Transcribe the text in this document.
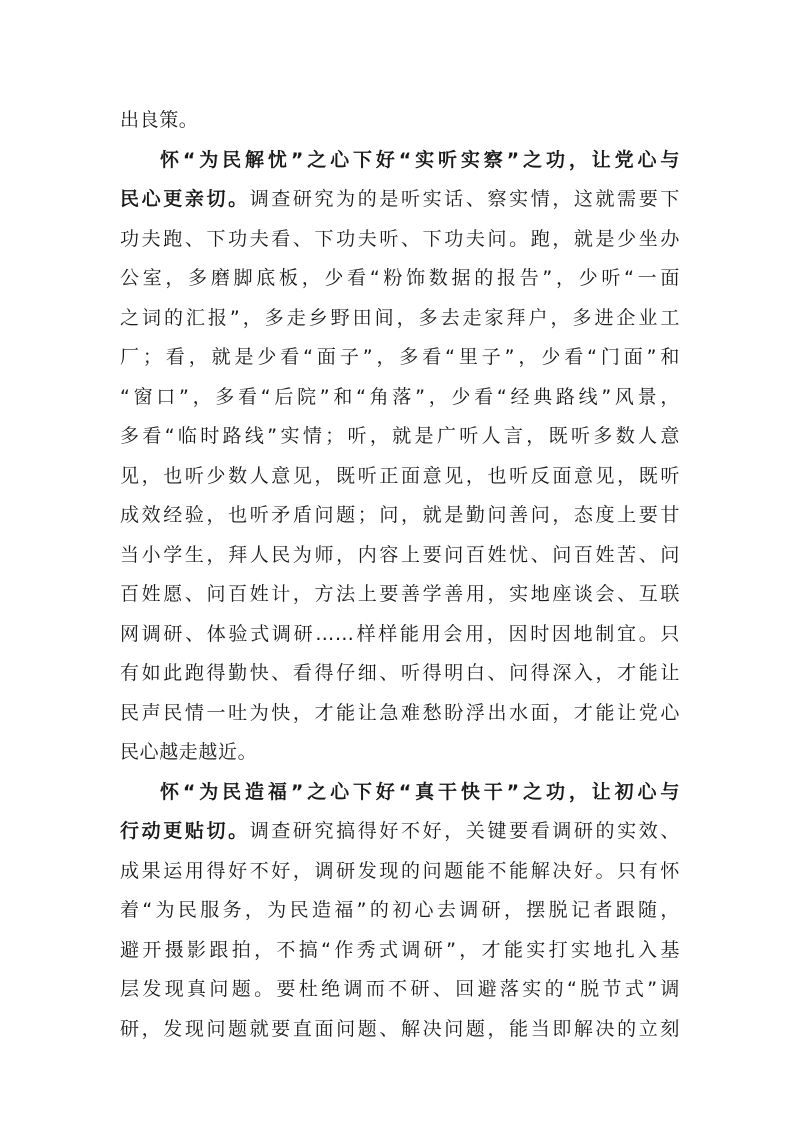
出良策。
怀“为民解忧”之心下好“实听实察”之功，让党心与
民心更亲切。调查研究为的是听实话、察实情，这就需要下
功夫跑、下功夫看、下功夫听、下功夫问。跑，就是少坐办
公室，多磨脚底板，少看“粉饰数据的报告”，少听“一面
之词的汇报”，多走乡野田间，多去走家拜户，多进企业工
厂；看，就是少看“面子”，多看“里子”，少看“门面”和
“窗口”，多看“后院”和“角落”，少看“经典路线”风景，
多看“临时路线”实情；听，就是广听人言，既听多数人意
见，也听少数人意见，既听正面意见，也听反面意见，既听
成效经验，也听矛盾问题；问，就是勤问善问，态度上要甘
当小学生，拜人民为师，内容上要问百姓忧、问百姓苦、问
百姓愿、问百姓计，方法上要善学善用，实地座谈会、互联
网调研、体验式调研……样样能用会用，因时因地制宜。只
有如此跑得勤快、看得仔细、听得明白、问得深入，才能让
民声民情一吐为快，才能让急难愁盼浮出水面，才能让党心
民心越走越近。
怀“为民造福”之心下好“真干快干”之功，让初心与
行动更贴切。调查研究搞得好不好，关键要看调研的实效、
成果运用得好不好，调研发现的问题能不能解决好。只有怀
着“为民服务，为民造福”的初心去调研，摆脱记者跟随，
避开摄影跟拍，不搞“作秀式调研”，才能实打实地扎入基
层发现真问题。要杜绝调而不研、回避落实的“脱节式”调
研，发现问题就要直面问题、解决问题，能当即解决的立刻
